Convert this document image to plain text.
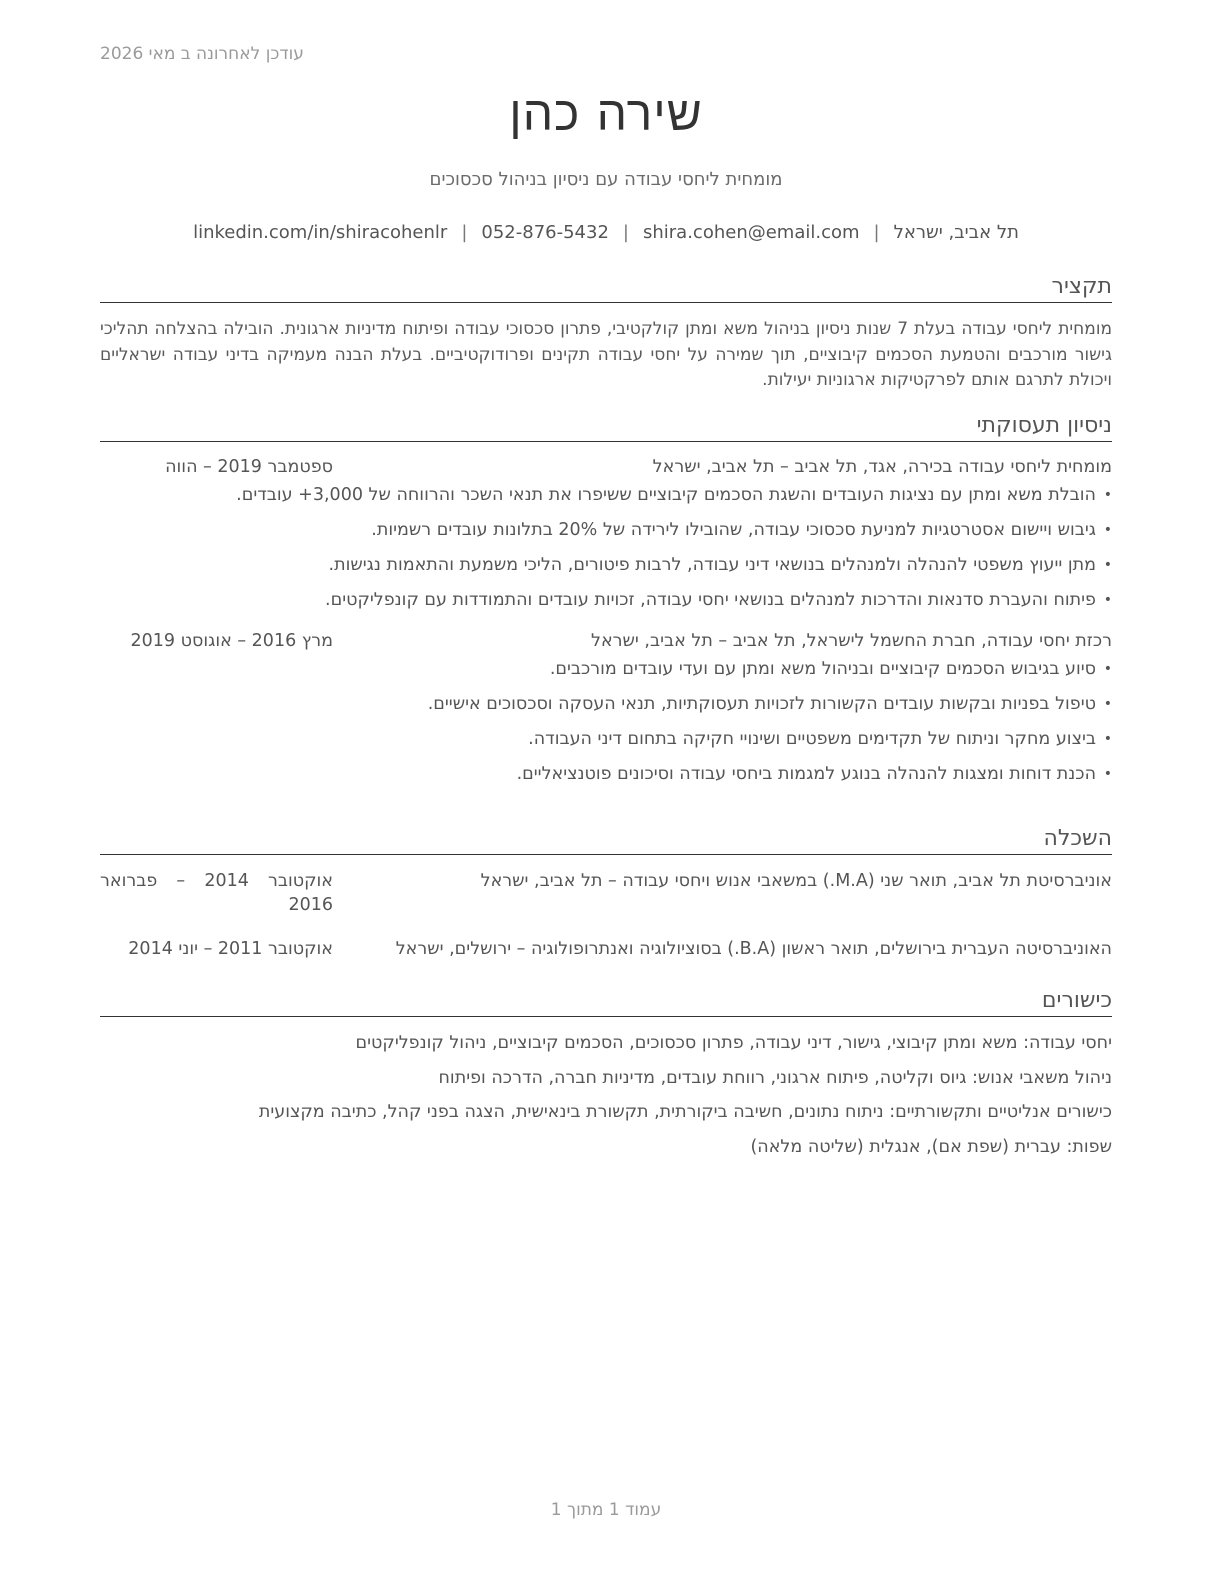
עודכן לאחרונה ב מאי 2026
שירה כהן
מומחית ליחסי עבודה עם ניסיון בניהול סכסוכים
תל אביב, ישראל|shira.cohen@email.com|052-876-5432|linkedin.com/in/shiracohenlr
תקציר
מומחית ליחסי עבודה בעלת 7 שנות ניסיון בניהול משא ומתן קולקטיבי, פתרון סכסוכי עבודה ופיתוח מדיניות ארגונית. הובילה בהצלחה תהליכי גישור מורכבים והטמעת הסכמים קיבוציים, תוך שמירה על יחסי עבודה תקינים ופרודוקטיביים. בעלת הבנה מעמיקה בדיני עבודה ישראליים ויכולת לתרגם אותם לפרקטיקות ארגוניות יעילות.
ניסיון תעסוקתי
מומחית ליחסי עבודה בכירה, אגד, תל אביב – תל אביב, ישראל
ספטמבר 2019 – הווה
•
הובלת משא ומתן עם נציגות העובדים והשגת הסכמים קיבוציים ששיפרו את תנאי השכר והרווחה של 3,000+ עובדים.
•
גיבוש ויישום אסטרטגיות למניעת סכסוכי עבודה, שהובילו לירידה של 20% בתלונות עובדים רשמיות.
•
מתן ייעוץ משפטי להנהלה ולמנהלים בנושאי דיני עבודה, לרבות פיטורים, הליכי משמעת והתאמות נגישות.
•
פיתוח והעברת סדנאות והדרכות למנהלים בנושאי יחסי עבודה, זכויות עובדים והתמודדות עם קונפליקטים.
רכזת יחסי עבודה, חברת החשמל לישראל, תל אביב – תל אביב, ישראל
מרץ 2016 – אוגוסט 2019
•
סיוע בגיבוש הסכמים קיבוציים ובניהול משא ומתן עם ועדי עובדים מורכבים.
•
טיפול בפניות ובקשות עובדים הקשורות לזכויות תעסוקתיות, תנאי העסקה וסכסוכים אישיים.
•
ביצוע מחקר וניתוח של תקדימים משפטיים ושינויי חקיקה בתחום דיני העבודה.
•
הכנת דוחות ומצגות להנהלה בנוגע למגמות ביחסי עבודה וסיכונים פוטנציאליים.
השכלה
אוניברסיטת תל אביב, תואר שני (M.A.) במשאבי אנוש ויחסי עבודה – תל אביב, ישראל
אוקטובר 2014 – פברואר 2016
האוניברסיטה העברית בירושלים, תואר ראשון (B.A.) בסוציולוגיה ואנתרופולוגיה – ירושלים, ישראל
אוקטובר 2011 – יוני 2014
כישורים
יחסי עבודה: משא ומתן קיבוצי, גישור, דיני עבודה, פתרון סכסוכים, הסכמים קיבוציים, ניהול קונפליקטים
ניהול משאבי אנוש: גיוס וקליטה, פיתוח ארגוני, רווחת עובדים, מדיניות חברה, הדרכה ופיתוח
כישורים אנליטיים ותקשורתיים: ניתוח נתונים, חשיבה ביקורתית, תקשורת בינאישית, הצגה בפני קהל, כתיבה מקצועית
שפות: עברית (שפת אם), אנגלית (שליטה מלאה)
עמוד 1 מתוך 1
